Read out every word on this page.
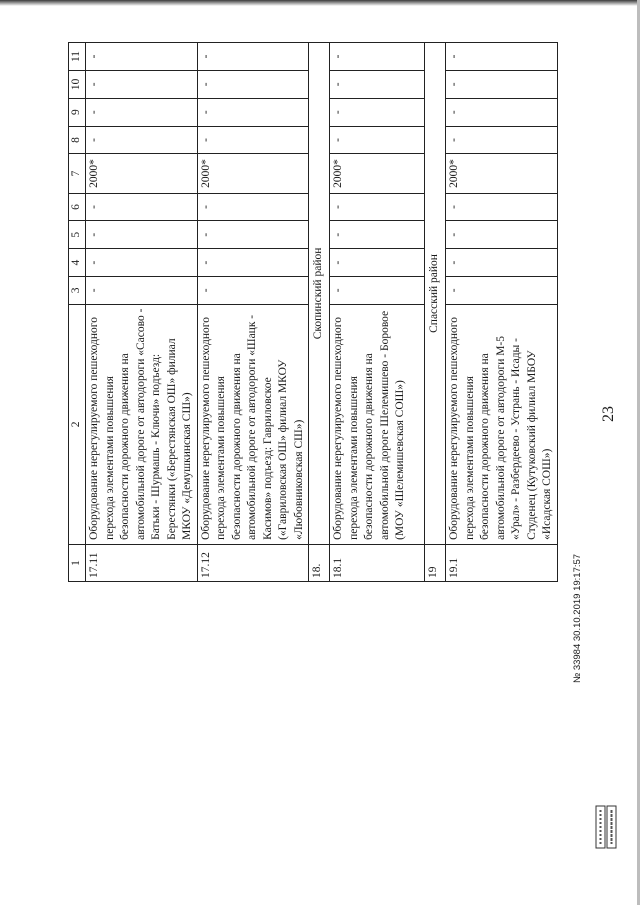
23
1	2	3	4	5	6	7	8	9	10	11
17.11	Оборудование нерегулируемого пешеходного перехода элементами повышения безопасности дорожного движения на автомобильной дороге от автодороги «Сасово - Батьки - Шурмашь - Ключи» подъезд: Берестянки («Берестянская ОШ» филиал МКОУ «Демушкинская СШ»)	-	-	-	-	2000*	-	-	-	-
17.12	Оборудование нерегулируемого пешеходного перехода элементами повышения безопасности дорожного движения на автомобильной дороге от автодороги «Шацк - Касимов» подъезд: Гавриловское («Гавриловская ОШ» филиал МКОУ «Любовниковская СШ»)	-	-	-	-	2000*	-	-	-	-
18.	Скопинский район									
18.1	Оборудование нерегулируемого пешеходного перехода элементами повышения безопасности дорожного движения на автомобильной дороге Шелемишево - Боровое (МОУ «Шелемишевская СОШ»)	-	-	-	-	2000*	-	-	-	-
19	Спасский район									
19.1	Оборудование нерегулируемого пешеходного перехода элементами повышения безопасности дорожного движения на автомобильной дороге от автодороги М-5 «Урал» - Разбердеево - Устрань - Исады - Студенец (Кутуковский филиал МБОУ «Исадская СОШ»)	-	-	-	-	2000*	-	-	-	-
№ 33984 30.10.2019 19:17:57
